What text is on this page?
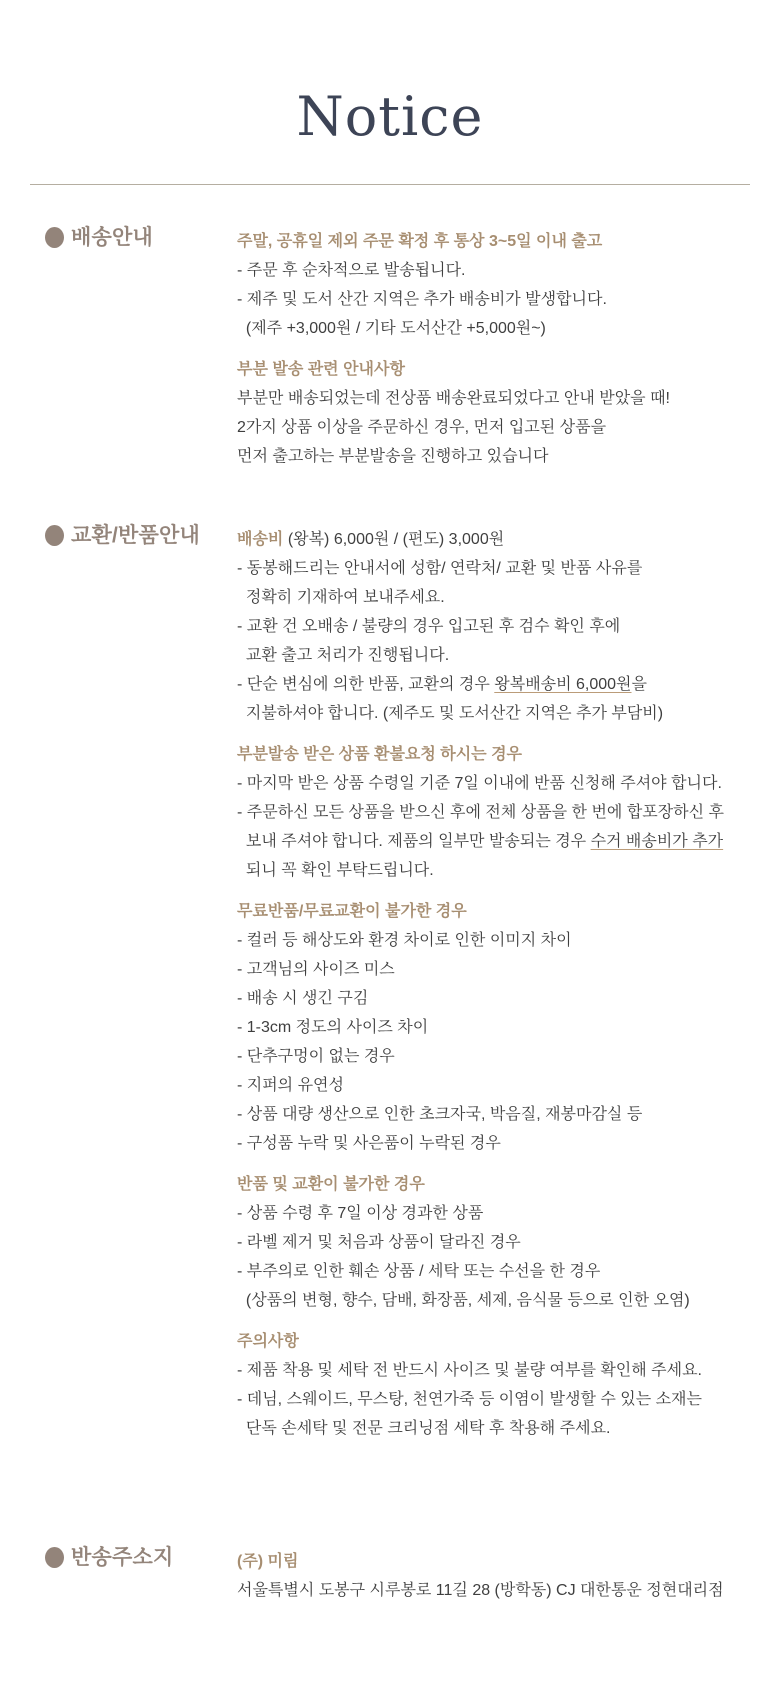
Notice
배송안내	주말, 공휴일 제외 주문 확정 후 통상 3~5일 이내 출고

- 주문 후 순차적으로 발송됩니다.

- 제주 및 도서 산간 지역은 추가 배송비가 발생합니다.

(제주 +3,000원 / 기타 도서산간 +5,000원~)

부분 발송 관련 안내사항

부분만 배송되었는데 전상품 배송완료되었다고 안내 받았을 때!

2가지 상품 이상을 주문하신 경우, 먼저 입고된 상품을

먼저 출고하는 부분발송을 진행하고 있습니다

교환/반품안내 배송비 (왕복) 6,000원 / (편도) 3,000원

- 동봉해드리는 안내서에 성함/ 연락처/ 교환 및 반품 사유를

정확히 기재하여 보내주세요.

- 교환 건 오배송 / 불량의 경우 입고된 후 검수 확인 후에

교환 출고 처리가 진행됩니다.

- 단순 변심에 의한 반품, 교환의 경우 왕복배송비 6,000원을

지불하셔야 합니다. (제주도 및 도서산간 지역은 추가 부담비)

부분발송 받은 상품 환불요청 하시는 경우

- 마지막 받은 상품 수령일 기준 7일 이내에 반품 신청해 주셔야 합니다.

- 주문하신 모든 상품을 받으신 후에 전체 상품을 한 번에 합포장하신 후

보내 주셔야 합니다. 제품의 일부만 발송되는 경우 수거 배송비가 추가

되니 꼭 확인 부탁드립니다.

무료반품/무료교환이 불가한 경우

- 컬러 등 해상도와 환경 차이로 인한 이미지 차이

- 고객님의 사이즈 미스

- 배송 시 생긴 구김

- 1-3cm 정도의 사이즈 차이

- 단추구멍이 없는 경우

- 지퍼의 유연성

- 상품 대량 생산으로 인한 초크자국, 박음질, 재봉마감실 등

- 구성품 누락 및 사은품이 누락된 경우

반품 및 교환이 불가한 경우

- 상품 수령 후 7일 이상 경과한 상품

- 라벨 제거 및 처음과 상품이 달라진 경우

- 부주의로 인한 훼손 상품 / 세탁 또는 수선을 한 경우

(상품의 변형, 향수, 담배, 화장품, 세제, 음식물 등으로 인한 오염)

주의사항

- 제품 착용 및 세탁 전 반드시 사이즈 및 불량 여부를 확인해 주세요.

- 데님, 스웨이드, 무스탕, 천연가죽 등 이염이 발생할 수 있는 소재는

단독 손세탁 및 전문 크리닝점 세탁 후 착용해 주세요.

반송주소지	(주) 미림

서울특별시 도봉구 시루봉로 11길 28 (방학동) CJ 대한통운 정현대리점
